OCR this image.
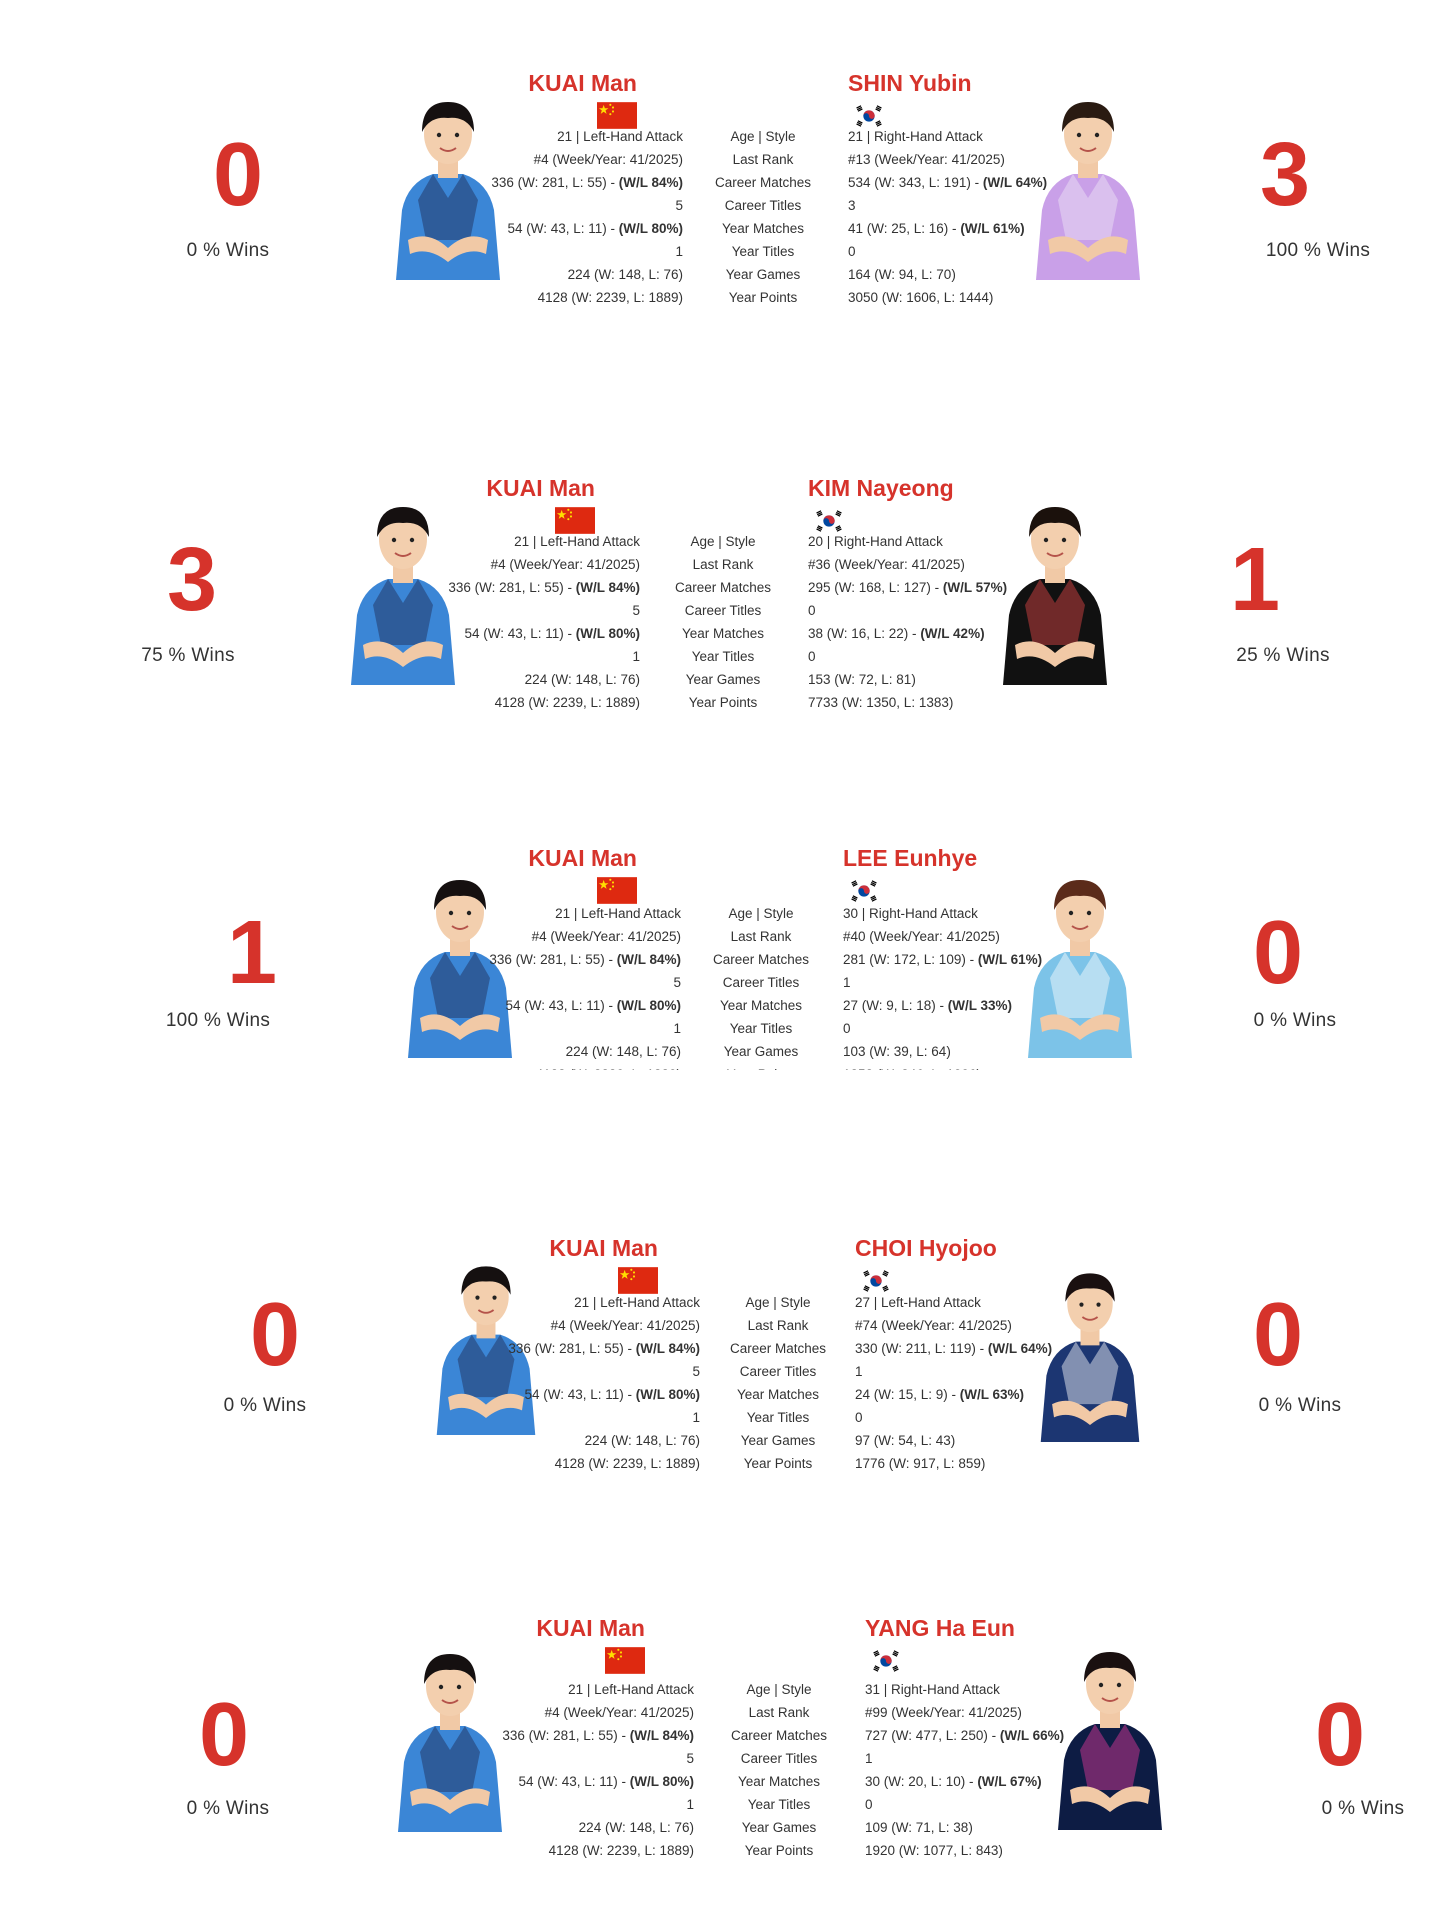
0
0 % Wins
KUAI Man
21 | Left-Hand Attack
#4 (Week/Year: 41/2025)
336 (W: 281, L: 55) - (W/L 84%)
5
54 (W: 43, L: 11) - (W/L 80%)
1
224 (W: 148, L: 76)
4128 (W: 2239, L: 1889)
Age | Style
Last Rank
Career Matches
Career Titles
Year Matches
Year Titles
Year Games
Year Points
SHIN Yubin
21 | Right-Hand Attack
#13 (Week/Year: 41/2025)
534 (W: 343, L: 191) - (W/L 64%)
3
41 (W: 25, L: 16) - (W/L 61%)
0
164 (W: 94, L: 70)
3050 (W: 1606, L: 1444)
3
100 % Wins
3
75 % Wins
KUAI Man
21 | Left-Hand Attack
#4 (Week/Year: 41/2025)
336 (W: 281, L: 55) - (W/L 84%)
5
54 (W: 43, L: 11) - (W/L 80%)
1
224 (W: 148, L: 76)
4128 (W: 2239, L: 1889)
Age | Style
Last Rank
Career Matches
Career Titles
Year Matches
Year Titles
Year Games
Year Points
KIM Nayeong
20 | Right-Hand Attack
#36 (Week/Year: 41/2025)
295 (W: 168, L: 127) - (W/L 57%)
0
38 (W: 16, L: 22) - (W/L 42%)
0
153 (W: 72, L: 81)
7733 (W: 1350, L: 1383)
1
25 % Wins
1
100 % Wins
KUAI Man
21 | Left-Hand Attack
#4 (Week/Year: 41/2025)
336 (W: 281, L: 55) - (W/L 84%)
5
54 (W: 43, L: 11) - (W/L 80%)
1
224 (W: 148, L: 76)
Age | Style
Last Rank
Career Matches
Career Titles
Year Matches
Year Titles
Year Games
LEE Eunhye
30 | Right-Hand Attack
#40 (Week/Year: 41/2025)
281 (W: 172, L: 109) - (W/L 61%)
1
27 (W: 9, L: 18) - (W/L 33%)
0
103 (W: 39, L: 64)
0
0 % Wins
0
0 % Wins
KUAI Man
21 | Left-Hand Attack
#4 (Week/Year: 41/2025)
336 (W: 281, L: 55) - (W/L 84%)
5
54 (W: 43, L: 11) - (W/L 80%)
1
224 (W: 148, L: 76)
4128 (W: 2239, L: 1889)
Age | Style
Last Rank
Career Matches
Career Titles
Year Matches
Year Titles
Year Games
Year Points
CHOI Hyojoo
27 | Left-Hand Attack
#74 (Week/Year: 41/2025)
330 (W: 211, L: 119) - (W/L 64%)
1
24 (W: 15, L: 9) - (W/L 63%)
0
97 (W: 54, L: 43)
1776 (W: 917, L: 859)
0
0 % Wins
0
0 % Wins
KUAI Man
21 | Left-Hand Attack
#4 (Week/Year: 41/2025)
336 (W: 281, L: 55) - (W/L 84%)
5
54 (W: 43, L: 11) - (W/L 80%)
1
224 (W: 148, L: 76)
4128 (W: 2239, L: 1889)
Age | Style
Last Rank
Career Matches
Career Titles
Year Matches
Year Titles
Year Games
Year Points
YANG Ha Eun
31 | Right-Hand Attack
#99 (Week/Year: 41/2025)
727 (W: 477, L: 250) - (W/L 66%)
1
30 (W: 20, L: 10) - (W/L 67%)
0
109 (W: 71, L: 38)
1920 (W: 1077, L: 843)
0
0 % Wins
